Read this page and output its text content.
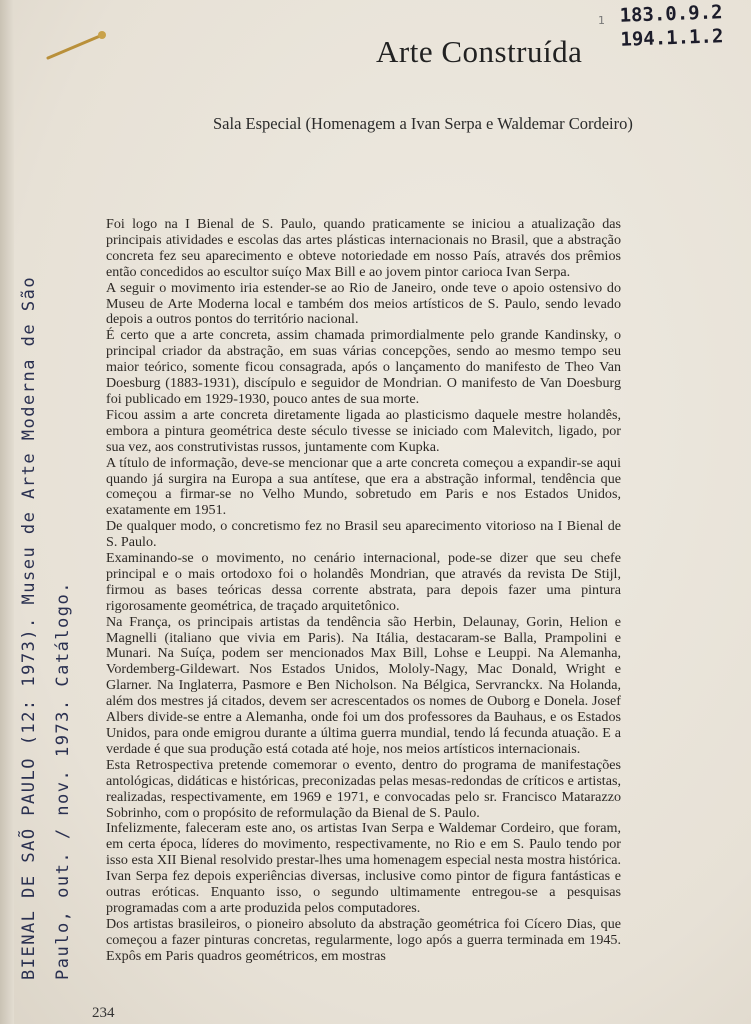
1 183.0.9.2
194.1.1.2
Arte Construída
Sala Especial (Homenagem a Ivan Serpa e Waldemar Cordeiro)

Foi logo na I Bienal de S. Paulo, quando praticamente se iniciou a atualização das principais atividades e escolas das artes plásticas internacionais no Brasil, que a abstração concreta fez seu aparecimento e obteve notoriedade em nosso País, através dos prêmios então concedidos ao escultor suíço Max Bill e ao jovem pintor carioca Ivan Serpa.

A seguir o movimento iria estender-se ao Rio de Janeiro, onde teve o apoio ostensivo do Museu de Arte Moderna local e também dos meios artísticos de S. Paulo, sendo levado depois a outros pontos do território nacional.

É certo que a arte concreta, assim chamada primordialmente pelo grande Kandinsky, o principal criador da abstração, em suas várias concepções, sendo ao mesmo tempo seu maior teórico, somente ficou consagrada, após o lançamento do manifesto de Theo Van Doesburg (1883-1931), discípulo e seguidor de Mondrian. O manifesto de Van Doesburg foi publicado em 1929-1930, pouco antes de sua morte.

Ficou assim a arte concreta diretamente ligada ao plasticismo daquele mestre holandês, embora a pintura geométrica deste século tivesse se iniciado com Malevitch, ligado, por sua vez, aos construtivistas russos, juntamente com Kupka.

A título de informação, deve-se mencionar que a arte concreta começou a expandir-se aqui quando já surgira na Europa a sua antítese, que era a abstração informal, tendência que começou a firmar-se no Velho Mundo, sobretudo em Paris e nos Estados Unidos, exatamente em 1951.

De qualquer modo, o concretismo fez no Brasil seu aparecimento vitorioso na I Bienal de S. Paulo.

Examinando-se o movimento, no cenário internacional, pode-se dizer que seu chefe principal e o mais ortodoxo foi o holandês Mondrian, que através da revista De Stijl, firmou as bases teóricas dessa corrente abstrata, para depois fazer uma pintura rigorosamente geométrica, de traçado arquitetônico.

Na França, os principais artistas da tendência são Herbin, Delaunay, Gorin, Helion e Magnelli (italiano que vivia em Paris). Na Itália, destacaram-se Balla, Prampolini e Munari. Na Suíça, podem ser mencionados Max Bill, Lohse e Leuppi. Na Alemanha, Vordemberg-Gildewart. Nos Estados Unidos, Mololy-Nagy, Mac Donald, Wright e Glarner. Na Inglaterra, Pasmore e Ben Nicholson. Na Bélgica, Servranckx. Na Holanda, além dos mestres já citados, devem ser acrescentados os nomes de Ouborg e Donela. Josef Albers divide-se entre a Alemanha, onde foi um dos professores da Bauhaus, e os Estados Unidos, para onde emigrou durante a última guerra mundial, tendo lá fecunda atuação. E a verdade é que sua produção está cotada até hoje, nos meios artísticos internacionais.

Esta Retrospectiva pretende comemorar o evento, dentro do programa de manifestações antológicas, didáticas e históricas, preconizadas pelas mesas-redondas de críticos e artistas, realizadas, respectivamente, em 1969 e 1971, e convocadas pelo sr. Francisco Matarazzo Sobrinho, com o propósito de reformulação da Bienal de S. Paulo.

Infelizmente, faleceram este ano, os artistas Ivan Serpa e Waldemar Cordeiro, que foram, em certa época, líderes do movimento, respectivamente, no Rio e em S. Paulo tendo por isso esta XII Bienal resolvido prestar-lhes uma homenagem especial nesta mostra histórica. Ivan Serpa fez depois experiências diversas, inclusive como pintor de figura fantásticas e outras eróticas. Enquanto isso, o segundo ultimamente entregou-se a pesquisas programadas com a arte produzida pelos computadores.

Dos artistas brasileiros, o pioneiro absoluto da abstração geométrica foi Cícero Dias, que começou a fazer pinturas concretas, regularmente, logo após a guerra terminada em 1945. Expôs em Paris quadros geométricos, em mostras

234
BIENAL DE SAÕ PAULO (12: 1973). Museu de Arte Moderna de São Paulo, out. / nov. 1973. Catálogo.
